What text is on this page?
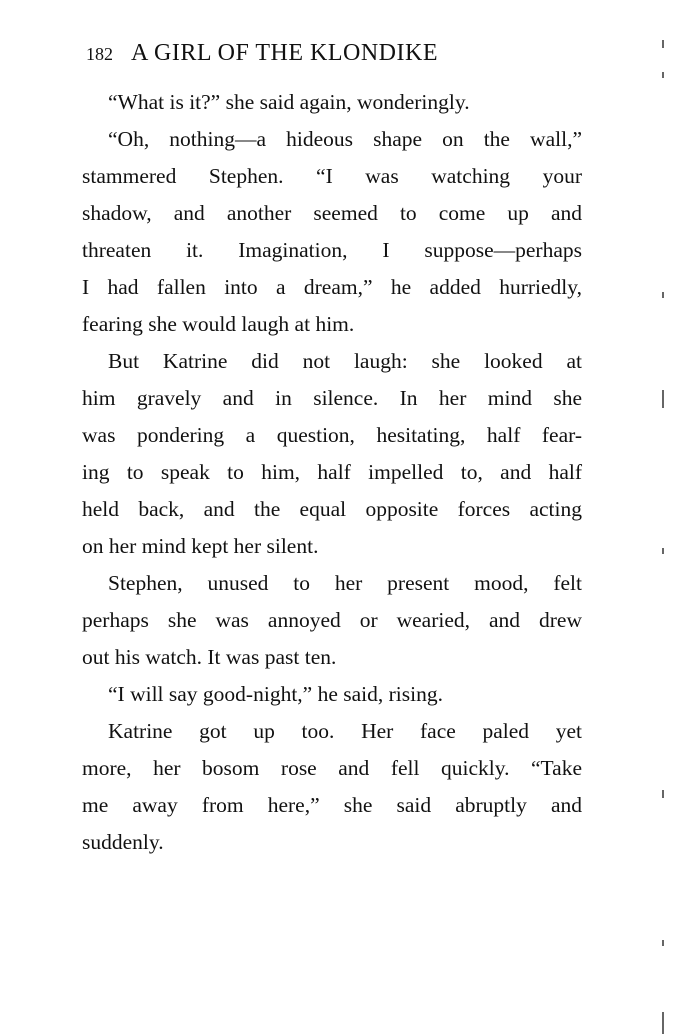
182 A GIRL OF THE KLONDIKE
“What is it?” she said again, wonderingly.
“Oh, nothing—a hideous shape on the wall,”
stammered Stephen. “I was watching your
shadow, and another seemed to come up and
threaten it. Imagination, I suppose—perhaps
I had fallen into a dream,” he added hurriedly,
fearing she would laugh at him.
But Katrine did not laugh: she looked at
him gravely and in silence. In her mind she
was pondering a question, hesitating, half fear-
ing to speak to him, half impelled to, and half
held back, and the equal opposite forces acting
on her mind kept her silent.
Stephen, unused to her present mood, felt
perhaps she was annoyed or wearied, and drew
out his watch. It was past ten.
“I will say good-night,” he said, rising.
Katrine got up too. Her face paled yet
more, her bosom rose and fell quickly. “Take
me away from here,” she said abruptly and
suddenly.
